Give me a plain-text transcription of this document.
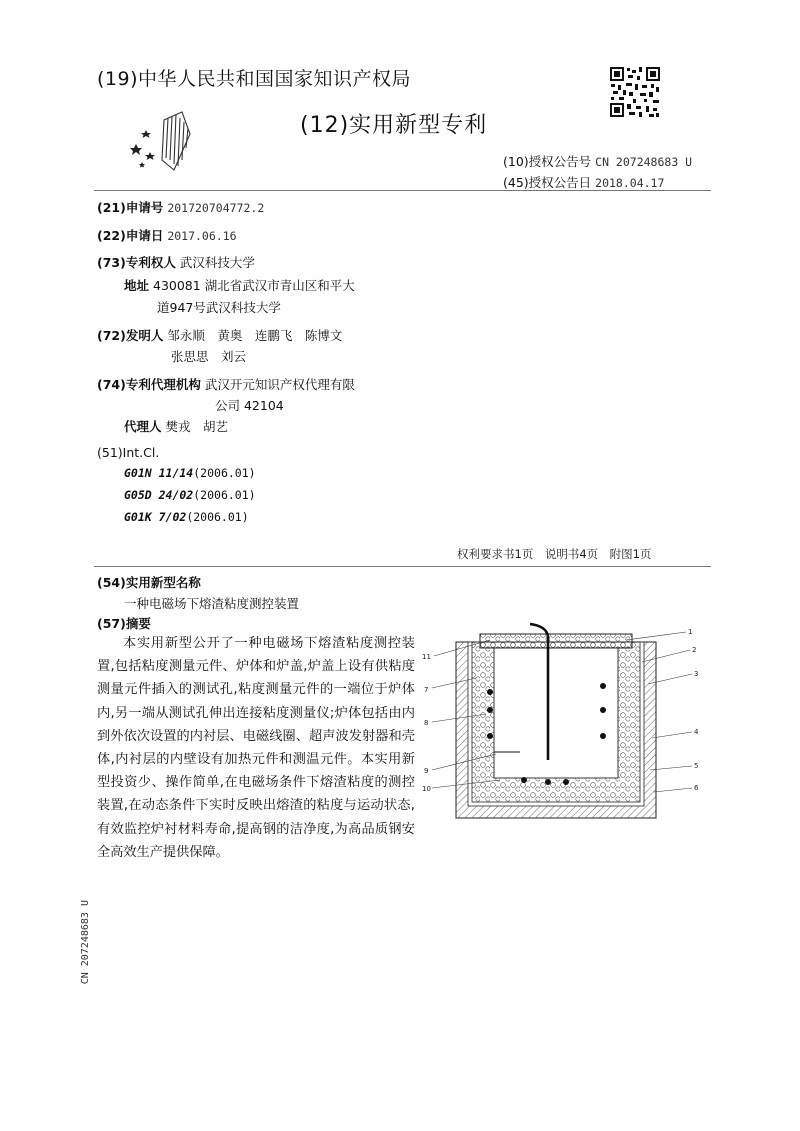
(19)中华人民共和国国家知识产权局
(12)实用新型专利
(10)授权公告号 CN 207248683 U
(45)授权公告日 2018.04.17
(21)申请号 201720704772.2
(22)申请日 2017.06.16
(73)专利权人 武汉科技大学
地址 430081 湖北省武汉市青山区和平大
道947号武汉科技大学
(72)发明人 邹永顺　黄奥　连鹏飞　陈博文
张思思　刘云
(74)专利代理机构 武汉开元知识产权代理有限
公司 42104
代理人 樊戎　胡艺
(51)Int.Cl.
G01N 11/14(2006.01)
G05D 24/02(2006.01)
G01K 7/02(2006.01)
权利要求书1页　说明书4页　附图1页
(54)实用新型名称
一种电磁场下熔渣粘度测控装置
(57)摘要
本实用新型公开了一种电磁场下熔渣粘度测控装置,包括粘度测量元件、炉体和炉盖,炉盖上设有供粘度测量元件插入的测试孔,粘度测量元件的一端位于炉体内,另一端从测试孔伸出连接粘度测量仪;炉体包括由内到外依次设置的内衬层、电磁线圈、超声波发射器和壳体,内衬层的内壁设有加热元件和测温元件。本实用新型投资少、操作简单,在电磁场条件下熔渣粘度的测控装置,在动态条件下实时反映出熔渣的粘度与运动状态,有效监控炉衬材料寿命,提高钢的洁净度,为高品质钢安全高效生产提供保障。
1
2
3
4
5
6
11
7
8
9
10
CN 207248683 U
